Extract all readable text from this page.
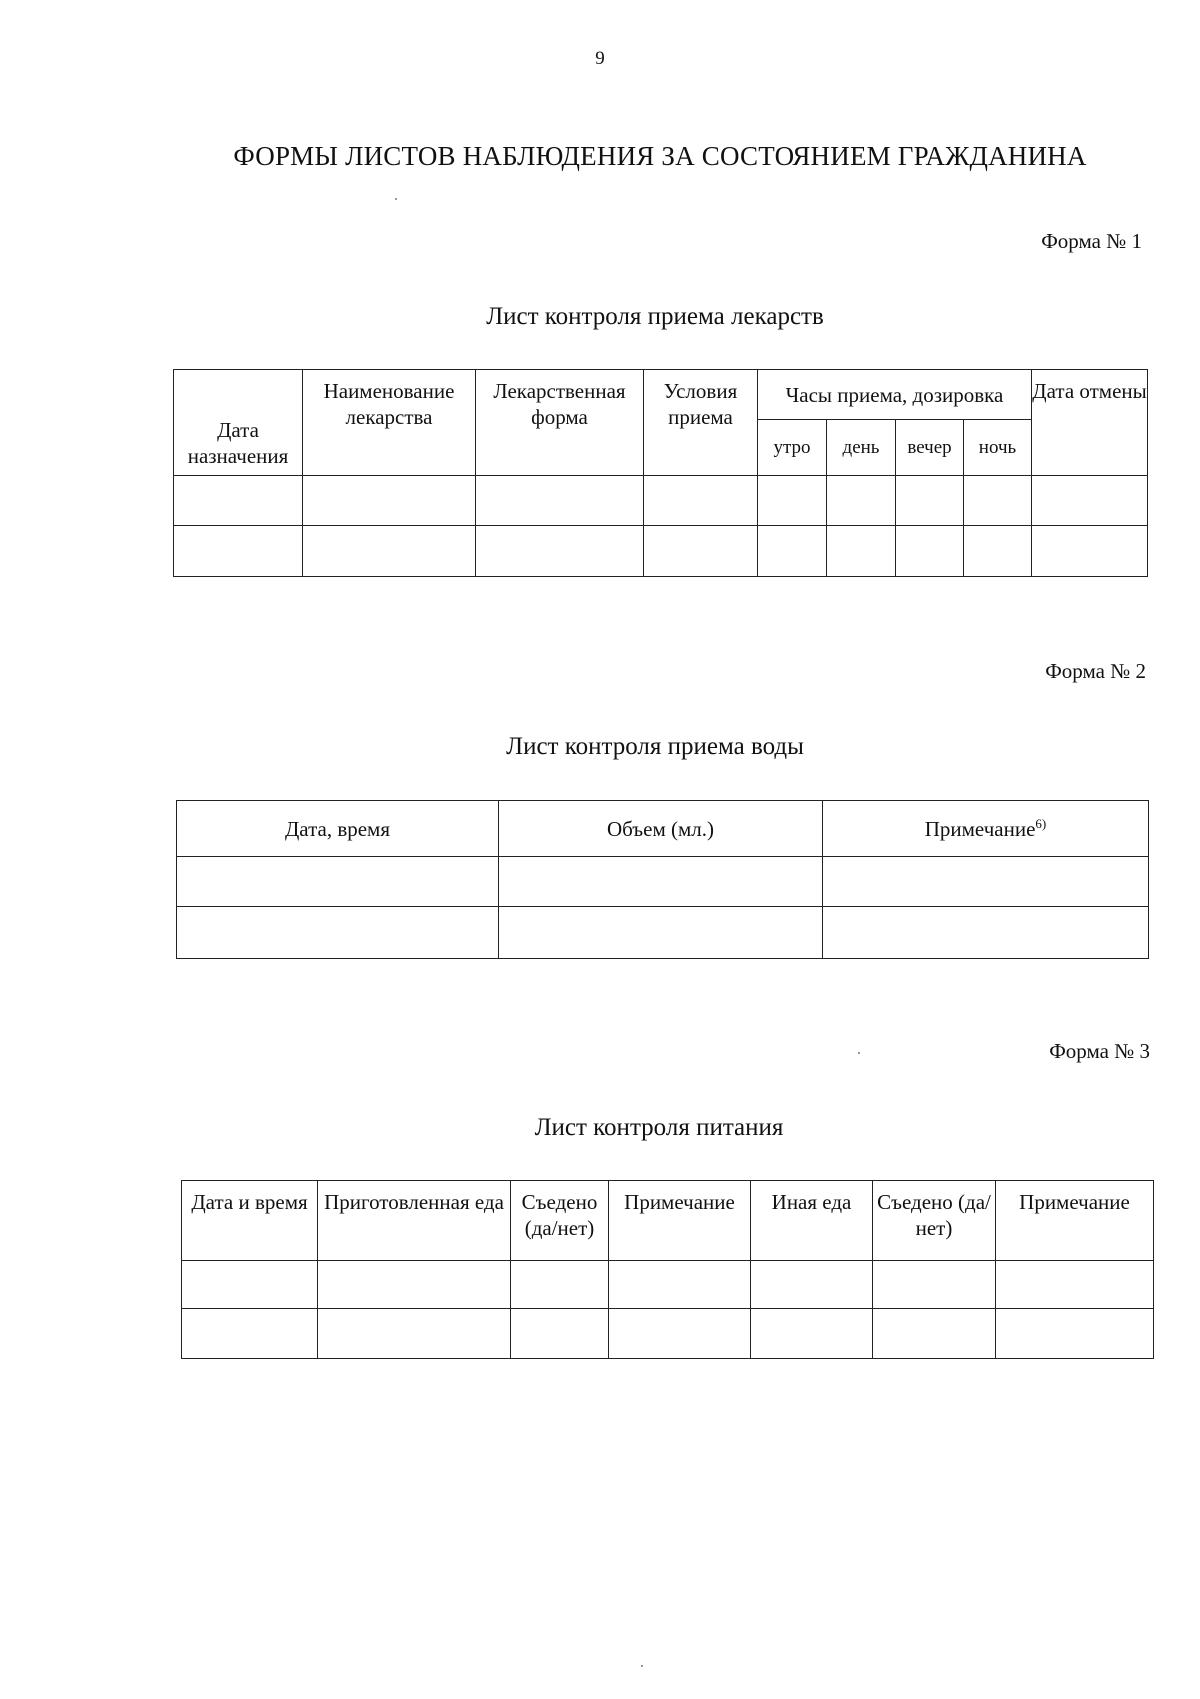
9
ФОРМЫ ЛИСТОВ НАБЛЮДЕНИЯ ЗА СОСТОЯНИЕМ ГРАЖДАНИНА
Форма № 1
Лист контроля приема лекарств
Дата
назначения	Наименование лекарства	Лекарственная форма	Условия приема	Часы приема, дозировка				Дата отмены
				утро	день	вечер	ночь	

Форма № 2
Лист контроля приема воды
Дата, время	Объем (мл.)	Примечание$^{6)}$

Форма № 3
Лист контроля питания
Дата и время	Приготовленная еда	Съедено (да/нет)	Примечание	Иная еда	Съедено (да/нет)	Примечание
